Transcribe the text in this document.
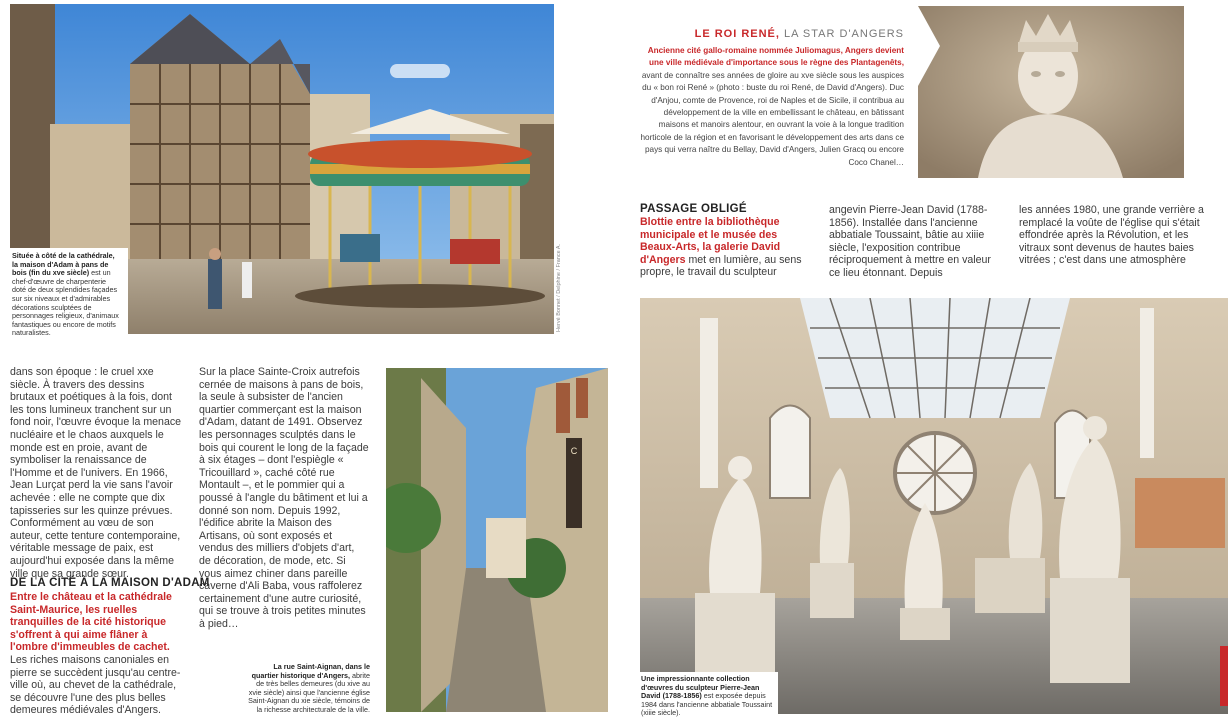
Hervé Bonnet / Delphine / France A.
Située à côté de la cathédrale, la maison d'Adam à pans de bois (fin du xve siècle) est un chef-d'œuvre de charpenterie doté de deux splendides façades sur six niveaux et d'admirables décorations sculptées de personnages religieux, d'animaux fantastiques ou encore de motifs naturalistes.
dans son époque : le cruel xxe siècle. À travers des dessins brutaux et poétiques à la fois, dont les tons lumineux tranchent sur un fond noir, l'œuvre évoque la menace nucléaire et le chaos auxquels le monde est en proie, avant de symboliser la renaissance de l'Homme et de l'univers. En 1966, Jean Lurçat perd la vie sans l'avoir achevée : elle ne compte que dix tapisseries sur les quinze prévues. Conformément au vœu de son auteur, cette tenture contemporaine, véritable message de paix, est aujourd'hui exposée dans la même ville que sa grande sœur.
DE LA CITÉ À LA MAISON D'ADAM
Entre le château et la cathédrale Saint-Maurice, les ruelles tranquilles de la cité historique s'offrent à qui aime flâner à l'ombre d'immeubles de cachet. Les riches maisons canoniales en pierre se succèdent jusqu'au centre-ville où, au chevet de la cathédrale, se découvre l'une des plus belles demeures médiévales d'Angers.
Sur la place Sainte-Croix autrefois cernée de maisons à pans de bois, la seule à subsister de l'ancien quartier commerçant est la maison d'Adam, datant de 1491. Observez les personnages sculptés dans le bois qui courent le long de la façade à six étages – dont l'espiègle « Tricouillard », caché côté rue Montault –, et le pommier qui a poussé à l'angle du bâtiment et lui a donné son nom. Depuis 1992, l'édifice abrite la Maison des Artisans, où sont exposés et vendus des milliers d'objets d'art, de décoration, de mode, etc. Si vous aimez chiner dans pareille caverne d'Ali Baba, vous raffolerez certainement d'une autre curiosité, qui se trouve à trois petites minutes à pied…
C
La rue Saint-Aignan, dans le quartier historique d'Angers, abrite de très belles demeures (du xive au xvie siècle) ainsi que l'ancienne église Saint-Aignan du xie siècle, témoins de la richesse architecturale de la ville.
LE ROI RENÉ, LA STAR D'ANGERS
Ancienne cité gallo-romaine nommée Juliomagus, Angers devient une ville médiévale d'importance sous le règne des Plantagenêts, avant de connaître ses années de gloire au xve siècle sous les auspices du « bon roi René » (photo : buste du roi René, de David d'Angers). Duc d'Anjou, comte de Provence, roi de Naples et de Sicile, il contribua au développement de la ville en embellissant le château, en bâtissant maisons et manoirs alentour, en ouvrant la voie à la longue tradition horticole de la région et en favorisant le développement des arts dans ce pays qui verra naître du Bellay, David d'Angers, Julien Gracq ou encore Coco Chanel…
PASSAGE OBLIGÉ
Blottie entre la bibliothèque municipale et le musée des Beaux-Arts, la galerie David d'Angers met en lumière, au sens propre, le travail du sculpteur
angevin Pierre-Jean David (1788-1856). Installée dans l'ancienne abbatiale Toussaint, bâtie au xiiie siècle, l'exposition contribue réciproquement à mettre en valeur ce lieu étonnant. Depuis
les années 1980, une grande verrière a remplacé la voûte de l'église qui s'était effondrée après la Révolution, et les vitraux sont devenus de hautes baies vitrées ; c'est dans une atmosphère
Une impressionnante collection d'œuvres du sculpteur Pierre-Jean David (1788-1856) est exposée depuis 1984 dans l'ancienne abbatiale Toussaint (xiiie siècle).
